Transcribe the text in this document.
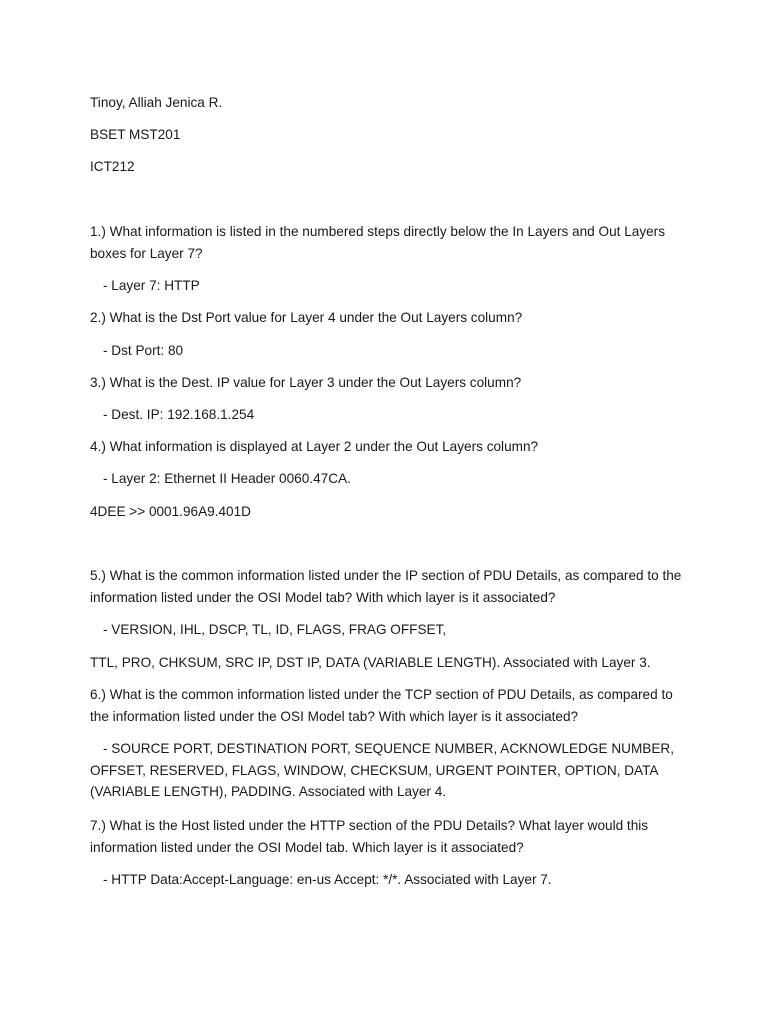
Tinoy, Alliah Jenica R.
BSET MST201
ICT212
1.) What information is listed in the numbered steps directly below the In Layers and Out Layers boxes for Layer 7?
- Layer 7: HTTP
2.) What is the Dst Port value for Layer 4 under the Out Layers column?
- Dst Port: 80
3.) What is the Dest. IP value for Layer 3 under the Out Layers column?
- Dest. IP: 192.168.1.254
4.) What information is displayed at Layer 2 under the Out Layers column?
- Layer 2: Ethernet II Header 0060.47CA.
4DEE >> 0001.96A9.401D
5.) What is the common information listed under the IP section of PDU Details, as compared to the information listed under the OSI Model tab? With which layer is it associated?
- VERSION, IHL, DSCP, TL, ID, FLAGS, FRAG OFFSET,
TTL, PRO, CHKSUM, SRC IP, DST IP, DATA (VARIABLE LENGTH). Associated with Layer 3.
6.) What is the common information listed under the TCP section of PDU Details, as compared to the information listed under the OSI Model tab? With which layer is it associated?
- SOURCE PORT, DESTINATION PORT, SEQUENCE NUMBER, ACKNOWLEDGE NUMBER, OFFSET, RESERVED, FLAGS, WINDOW, CHECKSUM, URGENT POINTER, OPTION, DATA (VARIABLE LENGTH), PADDING. Associated with Layer 4.
7.) What is the Host listed under the HTTP section of the PDU Details? What layer would this information listed under the OSI Model tab. Which layer is it associated?
- HTTP Data:Accept-Language: en-us Accept: */*. Associated with Layer 7.
